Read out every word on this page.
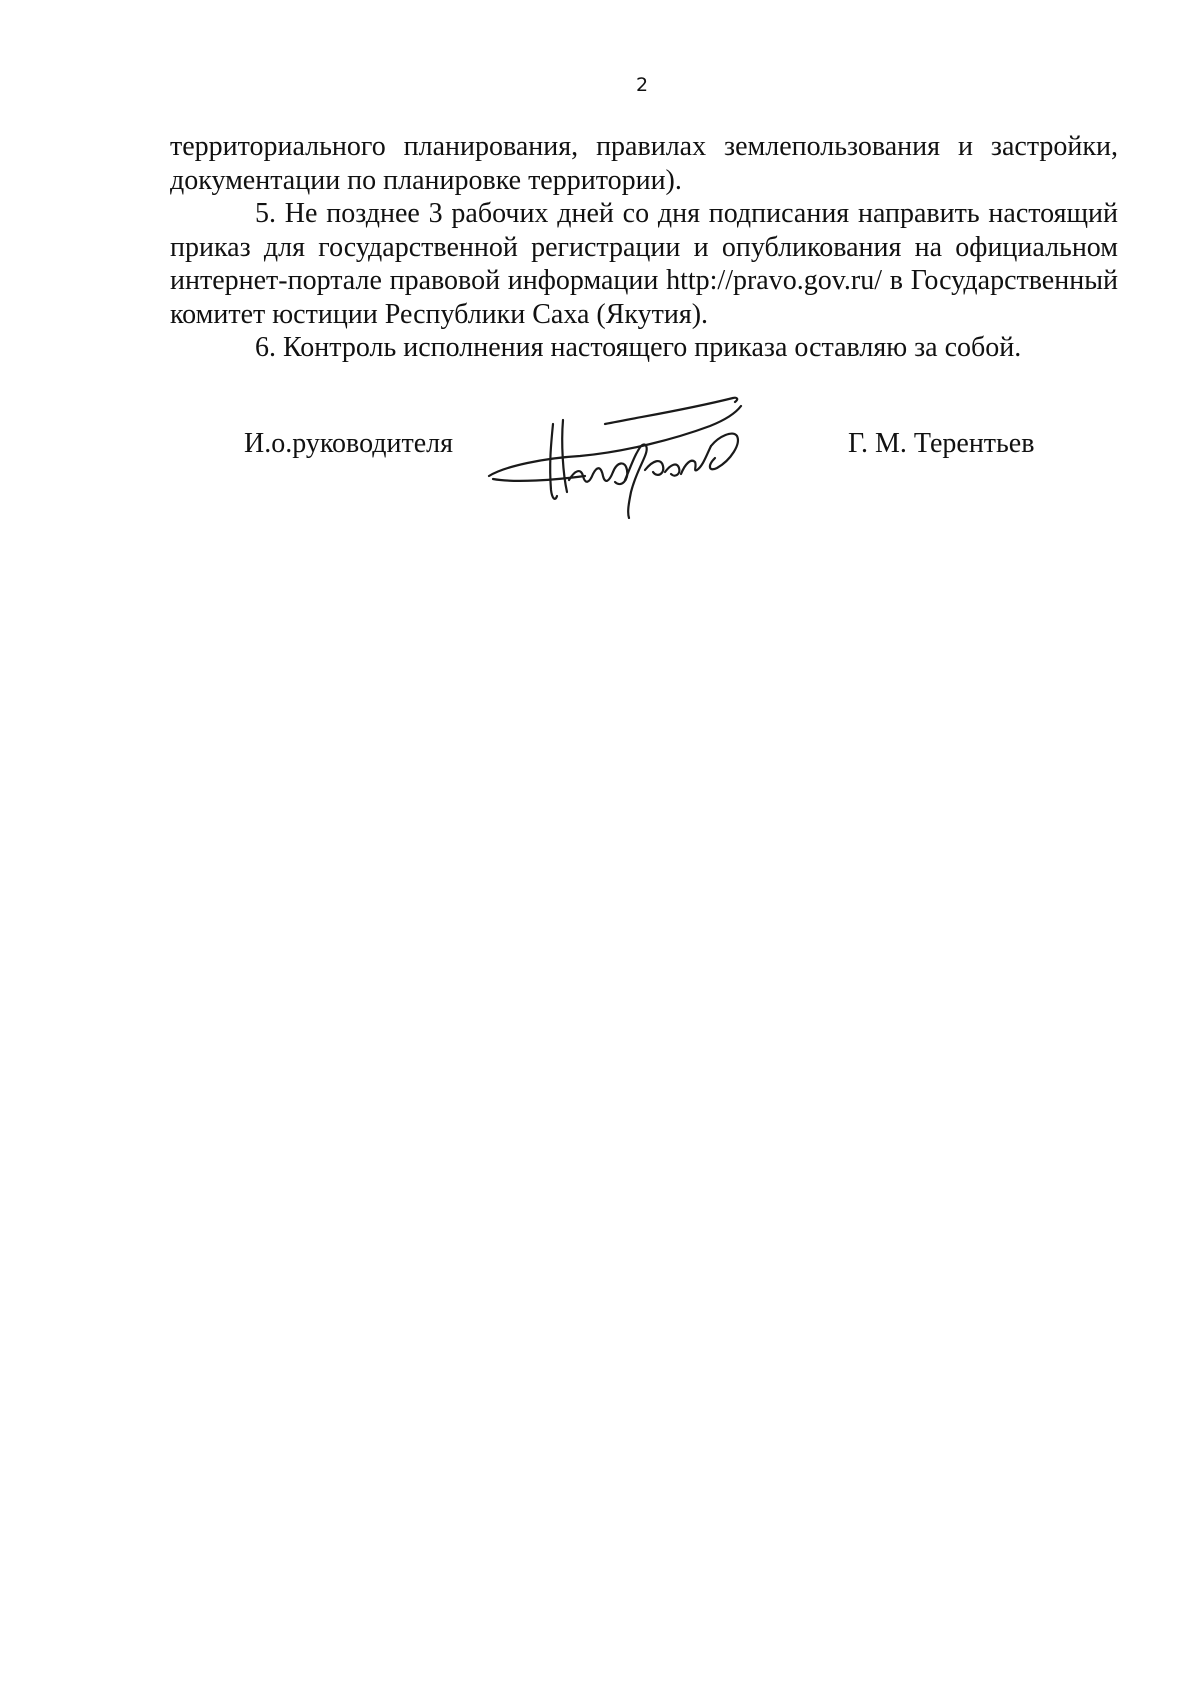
2

территориального планирования, правилах землепользования и застройки, документации по планировке территории).

5. Не позднее 3 рабочих дней со дня подписания направить настоящий приказ для государственной регистрации и опубликования на официальном интернет-портале правовой информации http://pravo.gov.ru/ в Государственный комитет юстиции Республики Саха (Якутия).

6. Контроль исполнения настоящего приказа оставляю за собой.

И.о.руководителя	Г. М. Терентьев
